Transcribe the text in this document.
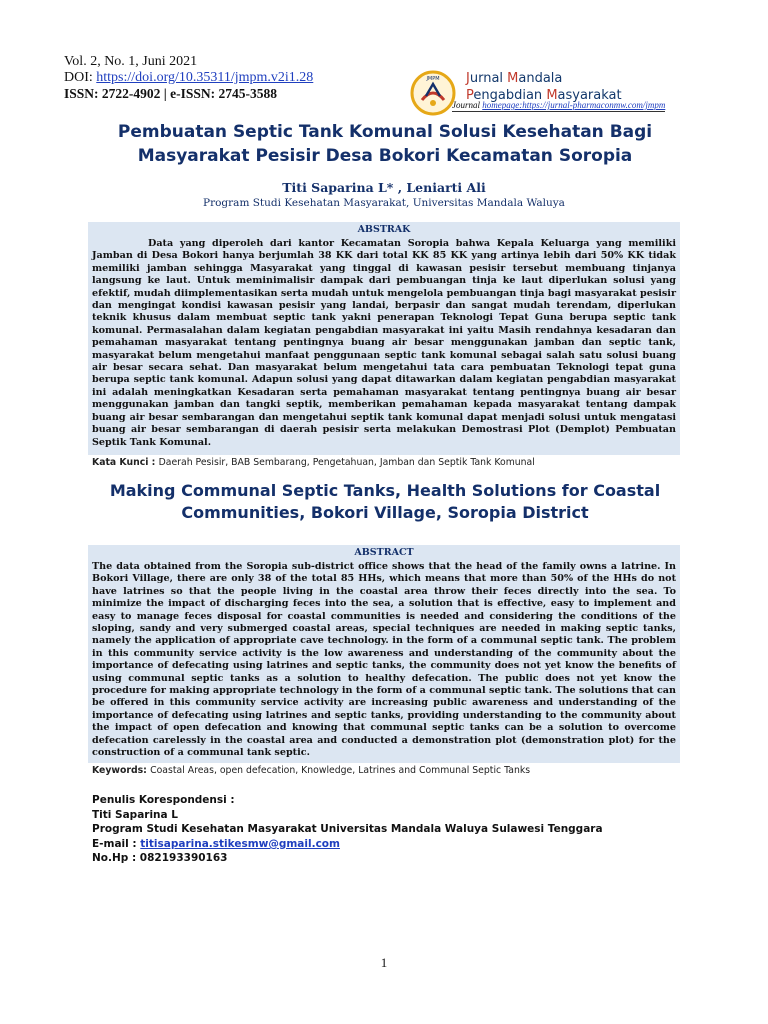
Vol. 2, No. 1, Juni 2021
DOI: https://doi.org/10.35311/jmpm.v2i1.28
ISSN: 2722-4902 | e-ISSN: 2745-3588
JMPM Jurnal Mandala
Pengabdian Masyarakat
Journal homepage:https://jurnal-pharmaconmw.com/jmpm
Pembuatan Septic Tank Komunal Solusi Kesehatan Bagi
Masyarakat Pesisir Desa Bokori Kecamatan Soropia
Titi Saparina L* , Leniarti Ali
Program Studi Kesehatan Masyarakat, Universitas Mandala Waluya
ABSTRAK
Data yang diperoleh dari kantor Kecamatan Soropia bahwa Kepala Keluarga yang memiliki Jamban di Desa Bokori hanya berjumlah 38 KK dari total KK 85 KK yang artinya lebih dari 50% KK tidak memiliki jamban sehingga Masyarakat yang tinggal di kawasan pesisir tersebut membuang tinjanya langsung ke laut. Untuk meminimalisir dampak dari pembuangan tinja ke laut diperlukan solusi yang efektif, mudah diimplementasikan serta mudah untuk mengelola pembuangan tinja bagi masyarakat pesisir dan mengingat kondisi kawasan pesisir yang landai, berpasir dan sangat mudah terendam, diperlukan teknik khusus dalam membuat septic tank yakni penerapan Teknologi Tepat Guna berupa septic tank komunal. Permasalahan dalam kegiatan pengabdian masyarakat ini yaitu Masih rendahnya kesadaran dan pemahaman masyarakat tentang pentingnya buang air besar menggunakan jamban dan septic tank, masyarakat belum mengetahui manfaat penggunaan septic tank komunal sebagai salah satu solusi buang air besar secara sehat. Dan masyarakat belum mengetahui tata cara pembuatan Teknologi tepat guna berupa septic tank komunal. Adapun solusi yang dapat ditawarkan dalam kegiatan pengabdian masyarakat ini adalah meningkatkan Kesadaran serta pemahaman masyarakat tentang pentingnya buang air besar menggunakan jamban dan tangki septik, memberikan pemahaman kepada masyarakat tentang dampak buang air besar sembarangan dan mengetahui septik tank komunal dapat menjadi solusi untuk mengatasi buang air besar sembarangan di daerah pesisir serta melakukan Demostrasi Plot (Demplot) Pembuatan Septik Tank Komunal.
Kata Kunci : Daerah Pesisir, BAB Sembarang, Pengetahuan, Jamban dan Septik Tank Komunal
Making Communal Septic Tanks, Health Solutions for Coastal
Communities, Bokori Village, Soropia District
ABSTRACT
The data obtained from the Soropia sub-district office shows that the head of the family owns a latrine. In Bokori Village, there are only 38 of the total 85 HHs, which means that more than 50% of the HHs do not have latrines so that the people living in the coastal area throw their feces directly into the sea. To minimize the impact of discharging feces into the sea, a solution that is effective, easy to implement and easy to manage feces disposal for coastal communities is needed and considering the conditions of the sloping, sandy and very submerged coastal areas, special techniques are needed in making septic tanks, namely the application of appropriate cave technology. in the form of a communal septic tank. The problem in this community service activity is the low awareness and understanding of the community about the importance of defecating using latrines and septic tanks, the community does not yet know the benefits of using communal septic tanks as a solution to healthy defecation. The public does not yet know the procedure for making appropriate technology in the form of a communal septic tank. The solutions that can be offered in this community service activity are increasing public awareness and understanding of the importance of defecating using latrines and septic tanks, providing understanding to the community about the impact of open defecation and knowing that communal septic tanks can be a solution to overcome defecation carelessly in the coastal area and conducted a demonstration plot (demonstration plot) for the construction of a communal tank septic.
Keywords: Coastal Areas, open defecation, Knowledge, Latrines and Communal Septic Tanks
Penulis Korespondensi :
Titi Saparina L
Program Studi Kesehatan Masyarakat Universitas Mandala Waluya Sulawesi Tenggara
E-mail : titisaparina.stikesmw@gmail.com
No.Hp : 082193390163
1
